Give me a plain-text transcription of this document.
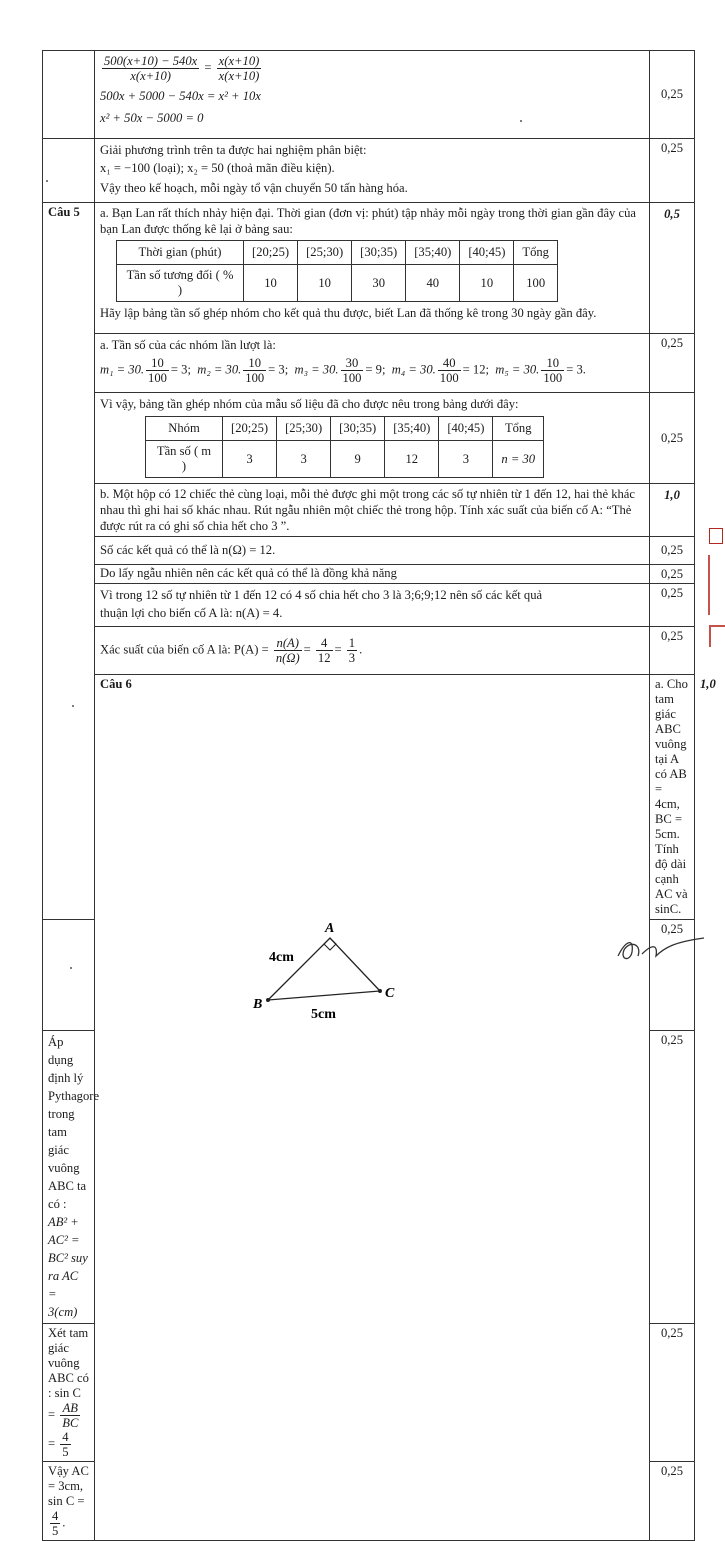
$\frac{500(x+10) - 540x}{x(x+10)} = \frac{x(x+10)}{x(x+10)}$
500x + 5000 − 540x = x² + 10x
x² + 50x − 5000 = 0
	0,25

Giải phương trình trên ta được hai nghiệm phân biệt:
x₁ = −100 (loại); x₂ = 50 (thoả mãn điều kiện).
Vậy theo kế hoạch, mỗi ngày tổ vận chuyển 50 tấn hàng hóa.
	0,25
Câu 5	a. Bạn Lan rất thích nhảy hiện đại. Thời gian (đơn vị: phút) tập nhảy mỗi ngày trong thời gian gần đây của bạn Lan được thống kê lại ở bảng sau:
Thời gian (phút)	[20;25)	[25;30)	[30;35)	[35;40)	[40;45)	Tổng
Tần số tương đối ( % )	10	10	30	40	10	100
Hãy lập bảng tần số ghép nhóm cho kết quả thu được, biết Lan đã thống kê trong 30 ngày gần đây.
	0,5

a. Tần số của các nhóm lần lượt là:
m₁ = 30. $\frac{10}{100} = 3$; m₂ = 30. $\frac{10}{100} = 3$; m₃ = 30. $\frac{30}{100} = 9$; m₄ = 30. $\frac{40}{100} = 12$; m₅ = 30. $\frac{10}{100} = 3$.
	0,25

Vì vậy, bảng tần ghép nhóm của mẫu số liệu đã cho được nêu trong bảng dưới đây:
Nhóm	[20;25)	[25;30)	[30;35)	[35;40)	[40;45)	Tổng
Tần số ( m )	3	3	9	12	3	n = 30
	0,25
b. Một hộp có 12 chiếc thẻ cùng loại, mỗi thẻ được ghi một trong các số tự nhiên từ 1 đến 12, hai thẻ khác nhau thì ghi hai số khác nhau. Rút ngẫu nhiên một chiếc thẻ trong hộp. Tính xác suất của biến cố A: “Thẻ được rút ra có ghi số chia hết cho 3 ”.	1,0
Số các kết quả có thể là n(Ω) = 12.	0,25
Do lấy ngẫu nhiên nên các kết quả có thể là đồng khả năng	0,25

Vì trong 12 số tự nhiên từ 1 đến 12 có 4 số chia hết cho 3 là 3;6;9;12 nên số các kết quả
thuận lợi cho biến cố A là: n(A) = 4.
	0,25
Xác suất của biến cố A là: $P(A) = \frac{n(A)}{n(\Omega)} = \frac{4}{12} = \frac{1}{3}$ .	0,25
Câu 6	a. Cho tam giác ABC vuông tại A có AB = 4cm, BC = 5cm. Tính độ dài cạnh AC và sinC.	1,0

A
B
C
4cm
5cm
	0,25

Áp dụng định lý Pythagore trong tam giác vuông ABC ta có :
AB² + AC² = BC² suy ra AC = 3(cm)
	0,25
Xét tam giác vuông ABC có : $\sin C = \frac{AB}{BC}$
= $\frac{4}{5}$
	0,25
Vậy AC = 3cm, sin C =
$\frac{4}{5}$ .	0,25
